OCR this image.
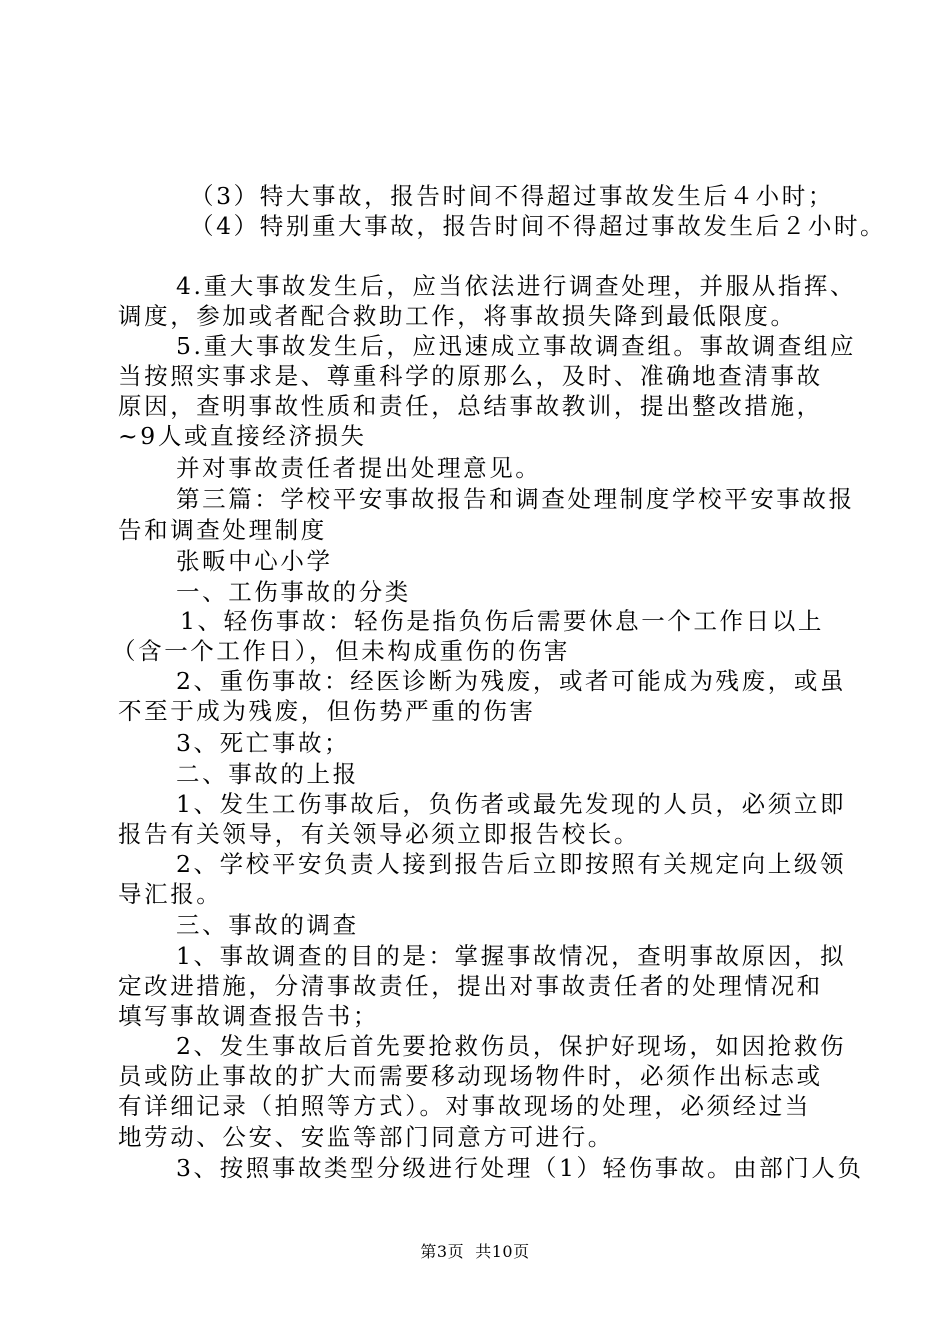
（3）特大事故，报告时间不得超过事故发生后４小时；
（4）特别重大事故，报告时间不得超过事故发生后２小时。
4.重大事故发生后，应当依法进行调查处理，并服从指挥、
调度，参加或者配合救助工作，将事故损失降到最低限度。
5.重大事故发生后，应迅速成立事故调查组。事故调查组应
当按照实事求是、尊重科学的原那么，及时、准确地查清事故
原因，查明事故性质和责任，总结事故教训，提出整改措施，
~9人或直接经济损失
并对事故责任者提出处理意见。
第三篇：学校平安事故报告和调查处理制度学校平安事故报
告和调查处理制度
张畈中心小学
一、工伤事故的分类
1、轻伤事故：轻伤是指负伤后需要休息一个工作日以上
（含一个工作日），但未构成重伤的伤害
2、重伤事故：经医诊断为残废，或者可能成为残废，或虽
不至于成为残废，但伤势严重的伤害
3、死亡事故；
二、事故的上报
1、发生工伤事故后，负伤者或最先发现的人员，必须立即
报告有关领导，有关领导必须立即报告校长。
2、学校平安负责人接到报告后立即按照有关规定向上级领
导汇报。
三、事故的调查
1、事故调查的目的是：掌握事故情况，查明事故原因，拟
定改进措施，分清事故责任，提出对事故责任者的处理情况和
填写事故调查报告书；
2、发生事故后首先要抢救伤员，保护好现场，如因抢救伤
员或防止事故的扩大而需要移动现场物件时，必须作出标志或
有详细记录（拍照等方式）。对事故现场的处理，必须经过当
地劳动、公安、安监等部门同意方可进行。
3、按照事故类型分级进行处理（1）轻伤事故。由部门人负
第3页  共10页
